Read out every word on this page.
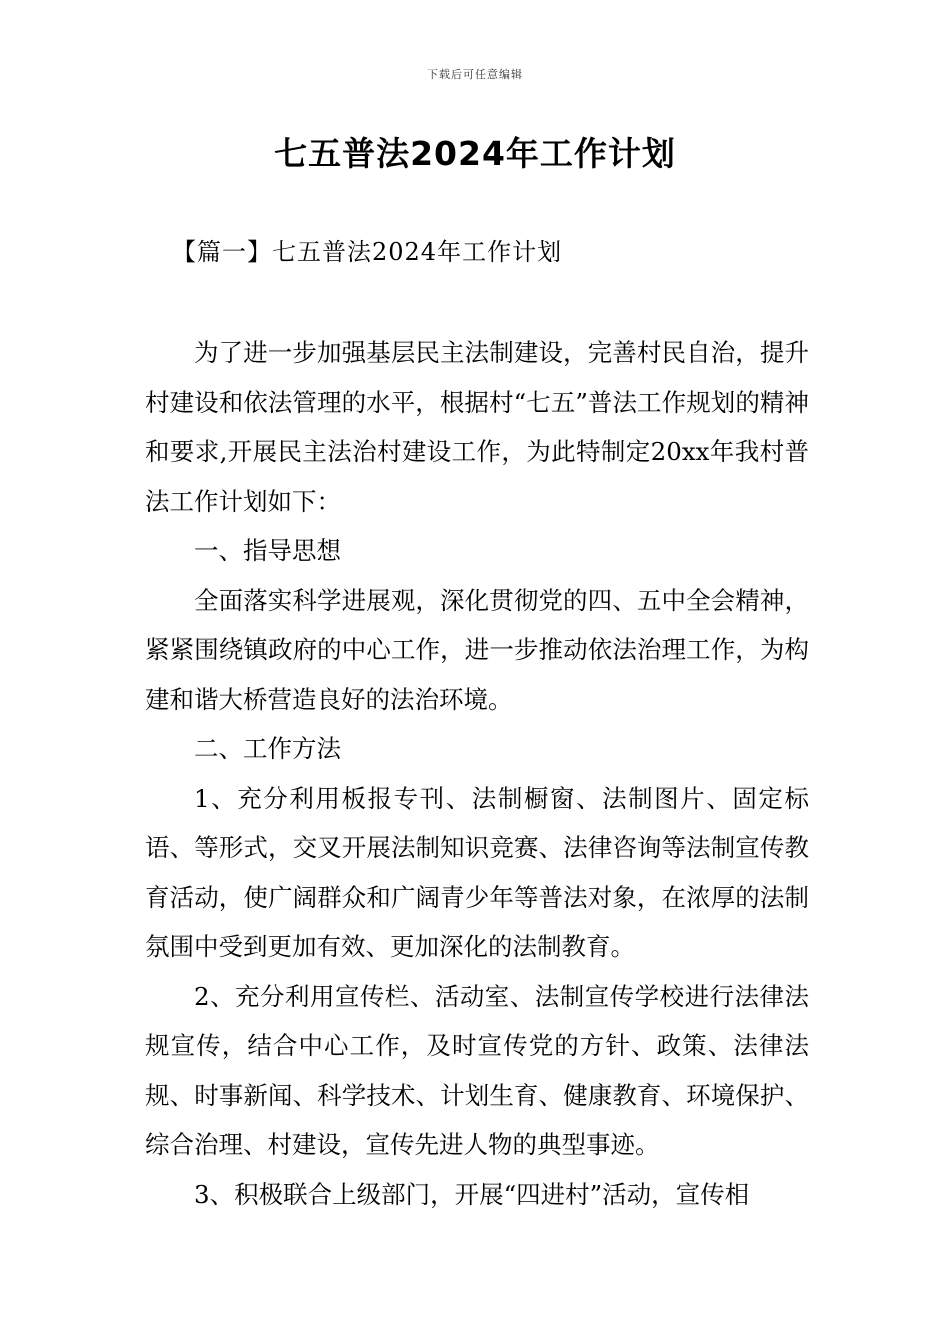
下载后可任意编辑
七五普法2024年工作计划
【篇一】七五普法2024年工作计划

为了进一步加强基层民主法制建设，完善村民自治，提升村建设和依法管理的水平，根据村“七五”普法工作规划的精神和要求,开展民主法治村建设工作，为此特制定20xx年我村普法工作计划如下：

一、指导思想

全面落实科学进展观，深化贯彻党的四、五中全会精神，紧紧围绕镇政府的中心工作，进一步推动依法治理工作，为构建和谐大桥营造良好的法治环境。

二、工作方法

1、充分利用板报专刊、法制橱窗、法制图片、固定标语、等形式，交叉开展法制知识竞赛、法律咨询等法制宣传教育活动，使广阔群众和广阔青少年等普法对象，在浓厚的法制氛围中受到更加有效、更加深化的法制教育。

2、充分利用宣传栏、活动室、法制宣传学校进行法律法规宣传，结合中心工作，及时宣传党的方针、政策、法律法规、时事新闻、科学技术、计划生育、健康教育、环境保护、综合治理、村建设，宣传先进人物的典型事迹。

3、积极联合上级部门，开展“四进村”活动，宣传相
